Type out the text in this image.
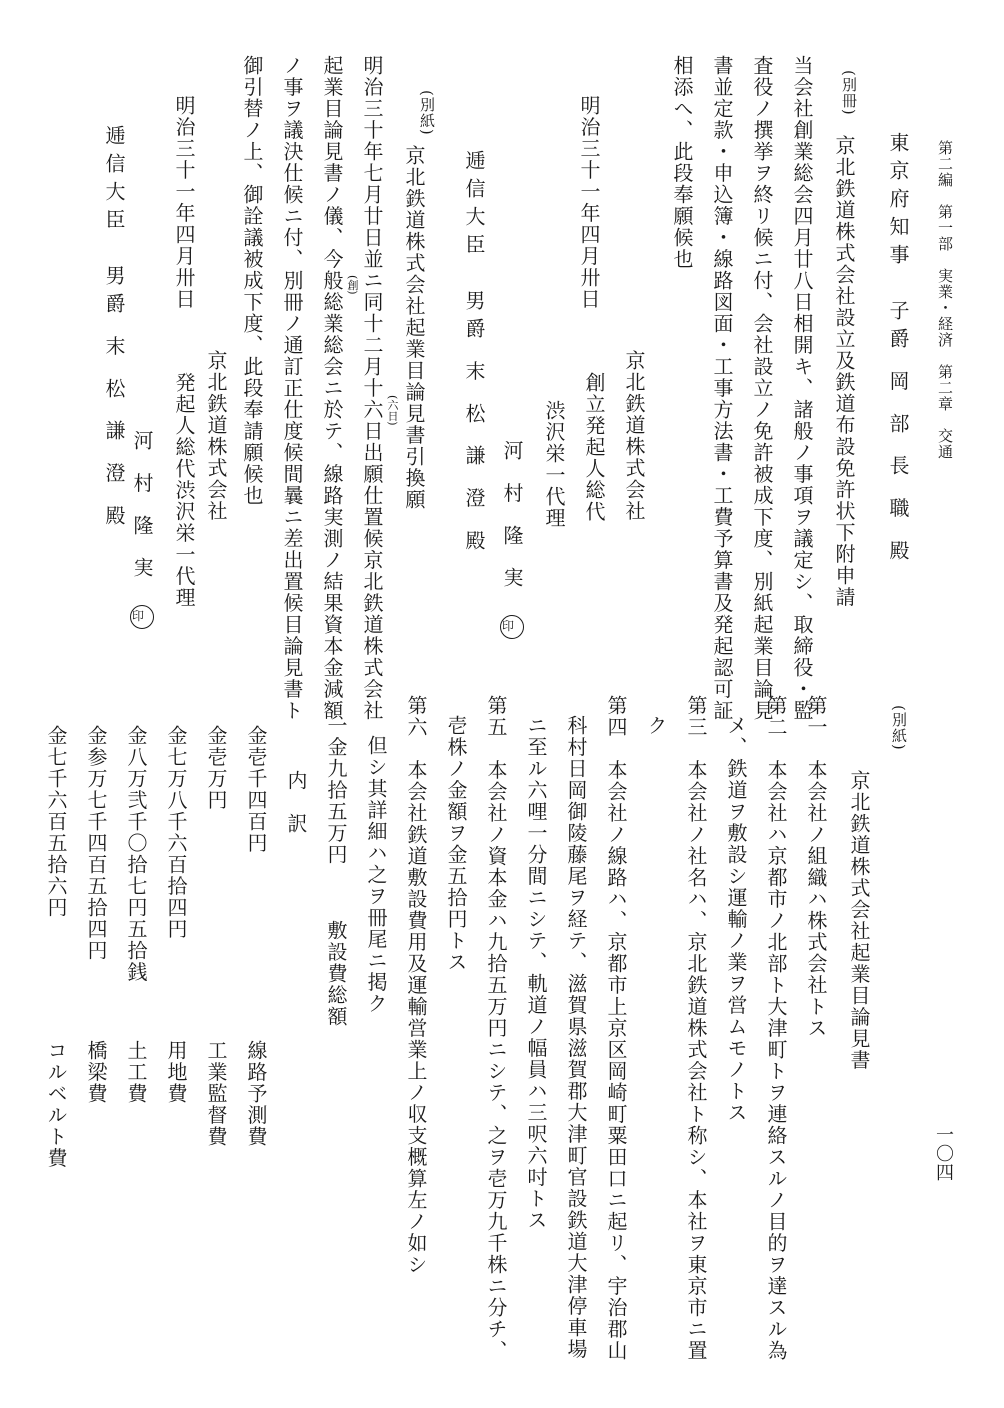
第二編　第一部　実業・経済　第二章　交通
一〇四
東京府知事　子爵 岡 部 長 職 殿
(別冊)
京北鉄道株式会社設立及鉄道布設免許状下附申請
当会社創業総会四月廿八日相開キ、諸般ノ事項ヲ議定シ、取締役・監
査役ノ撰挙ヲ終リ候ニ付、会社設立ノ免許被成下度、別紙起業目論見
書並定款・申込簿・線路図面・工事方法書・工費予算書及発起認可証
相添へ、此段奉願候也
明治三十一年四月卅日
京北鉄道株式会社
創立発起人総代
渋沢栄一代理
河 村 隆 実 印
逓信大臣　男爵 末 松 謙 澄 殿
(別紙)
京北鉄道株式会社起業目論見書引換願
明治三十年七月廿日並ニ同十二月十六日出願仕置候京北鉄道株式会社 (六日)
起業目論見書ノ儀、今般総業総会ニ於テ、線路実測ノ結果資本金減額 (創)
ノ事ヲ議決仕候ニ付、別冊ノ通訂正仕度候間曩ニ差出置候目論見書ト
御引替ノ上、御詮議被成下度、此段奉請願候也
京北鉄道株式会社
明治三十一年四月卅日
発起人総代渋沢栄一代理
河 村 隆 実 印
逓信大臣　男爵 末 松 謙 澄 殿
(別紙)
京北鉄道株式会社起業目論見書
第一　本会社ノ組織ハ株式会社トス
第二　本会社ハ京都市ノ北部ト大津町トヲ連絡スルノ目的ヲ達スル為
メ、鉄道ヲ敷設シ運輸ノ業ヲ営ムモノトス
第三　本会社ノ社名ハ、京北鉄道株式会社ト称シ、本社ヲ東京市ニ置
ク
第四　本会社ノ線路ハ、京都市上京区岡崎町粟田口ニ起リ、宇治郡山
科村日岡御陵藤尾ヲ経テ、滋賀県滋賀郡大津町官設鉄道大津停車場
ニ至ル六哩一分間ニシテ、軌道ノ幅員ハ三呎六吋トス
第五　本会社ノ資本金ハ九拾五万円ニシテ、之ヲ壱万九千株ニ分チ、
壱株ノ金額ヲ金五拾円トス
第六　本会社鉄道敷設費用及運輸営業上ノ収支概算左ノ如シ
但シ其詳細ハ之ヲ冊尾ニ掲ク
一金九拾五万円
敷設費総額
内　訳
金壱千四百円
線路予測費
金壱万円
工業監督費
金七万八千六百拾四円
用地費
金八万弐千〇拾七円五拾銭
土工費
金参万七千四百五拾四円
橋梁費
金七千六百五拾六円
コルベルト費
